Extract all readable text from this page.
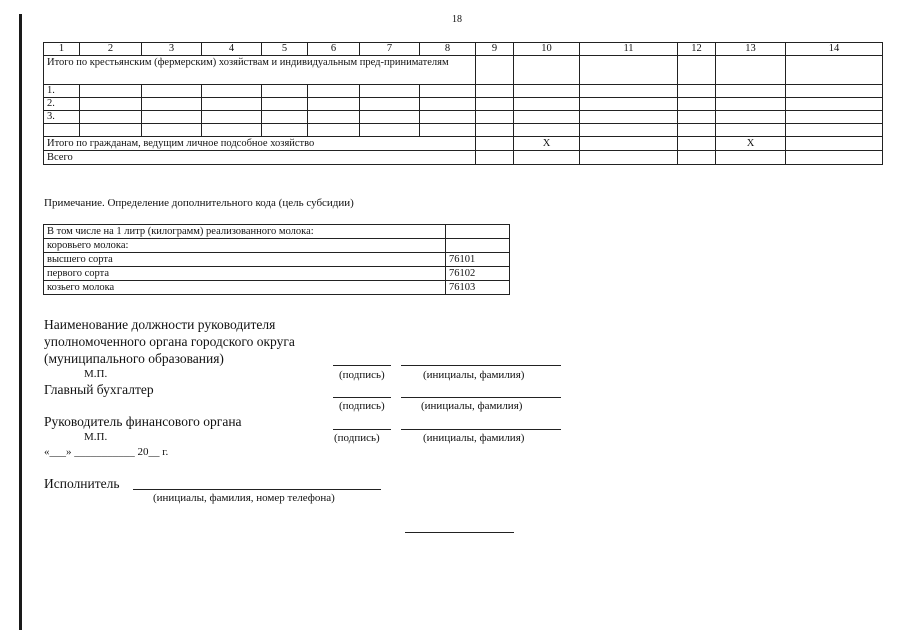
18
1	2	3	4	5	6	7	8	9	10	11	12	13	14
Итого по крестьянским (фермерским) хозяйствам и индивидуальным пред-принимателям													
1.													
2.													
3.													

Итого по гражданам, ведущим личное подсобное хозяйство									X			X	
Всего													
Примечание. Определение дополнительного кода (цель субсидии)
В том числе на 1 литр (килограмм) реализованного молока:	
коровьего молока:	
высшего сорта	76101
первого сорта	76102
козьего молока	76103
Наименование должности руководителя
уполномоченного органа городского округа
(муниципального образования)
М.П.	(подпись)	(инициалы, фамилия)
Главный бухгалтер
(подпись)	(инициалы, фамилия)
Руководитель финансового органа
М.П.	(подпись)	(инициалы, фамилия)
«___» ___________ 20__ г.
Исполнитель
(инициалы, фамилия, номер телефона)
